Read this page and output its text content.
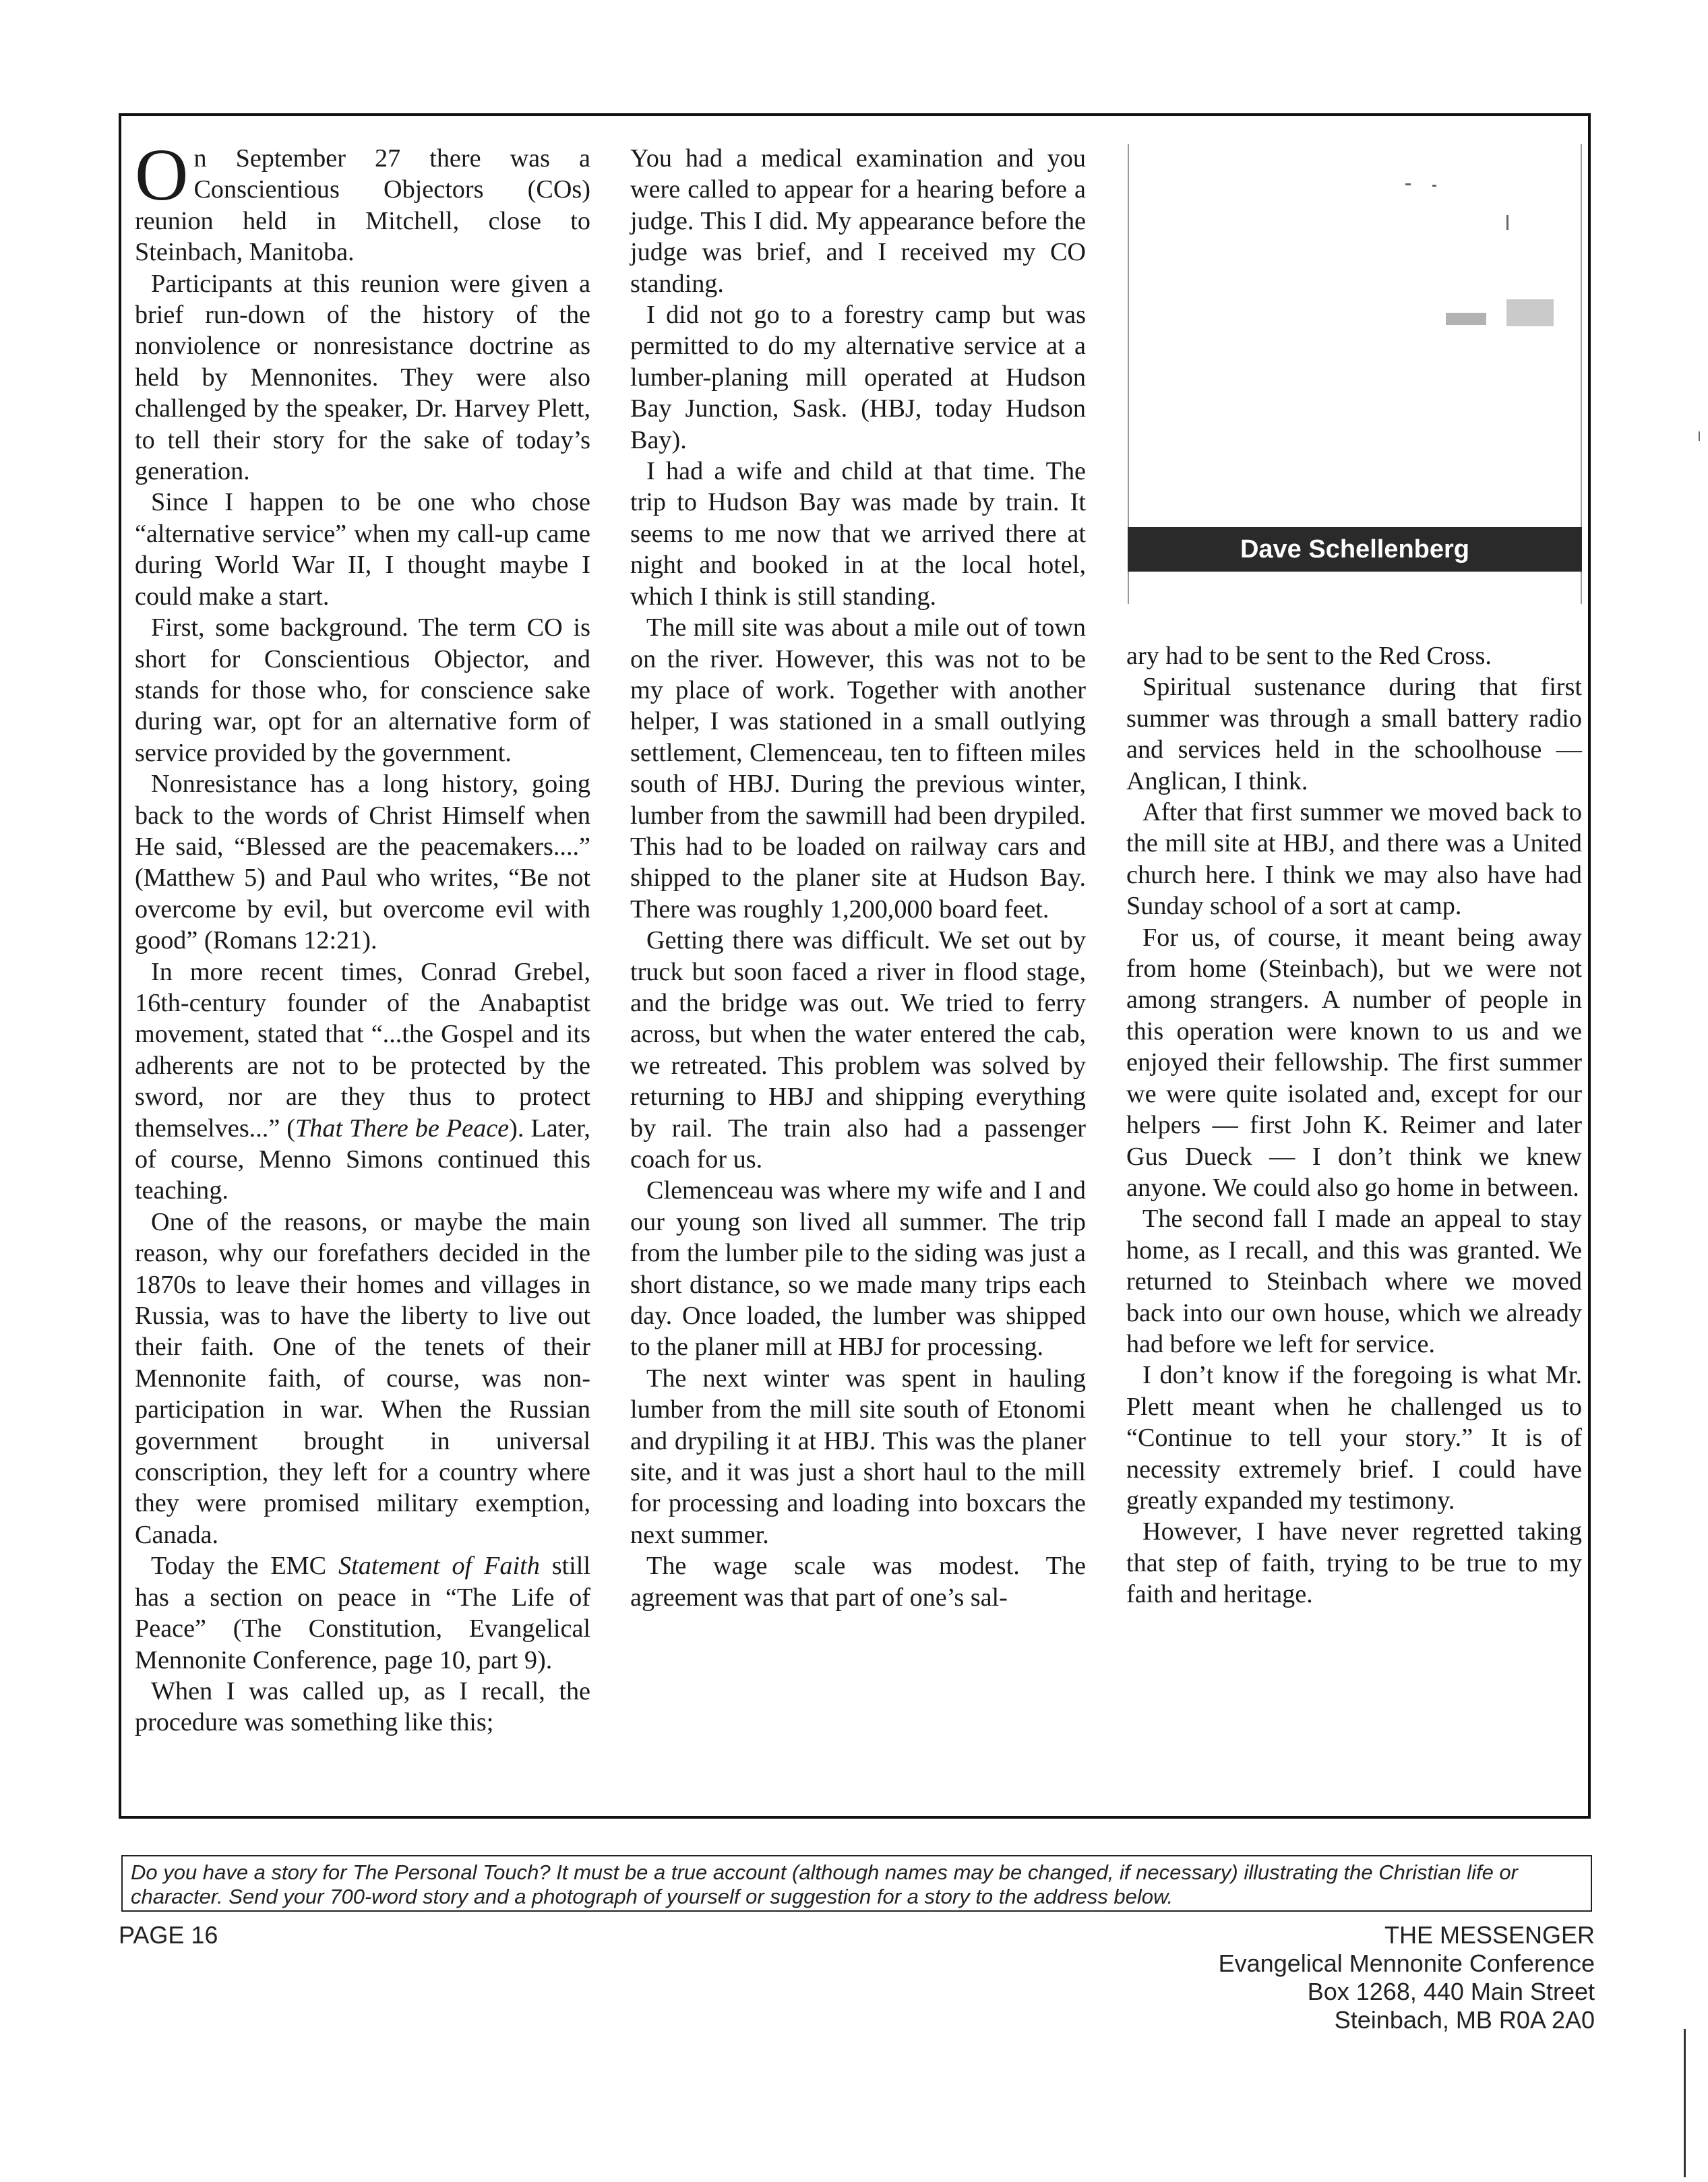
On September 27 there was a Conscientious Objectors (COs) reunion held in Mitchell, close to Steinbach, Manitoba.

Participants at this reunion were given a brief run-down of the history of the nonviolence or nonresistance doctrine as held by Mennonites. They were also challenged by the speaker, Dr. Harvey Plett, to tell their story for the sake of today’s generation.

Since I happen to be one who chose “alternative service” when my call-up came during World War II, I thought maybe I could make a start.

First, some background. The term CO is short for Conscientious Objector, and stands for those who, for conscience sake during war, opt for an alternative form of service provided by the government.

Nonresistance has a long history, going back to the words of Christ Himself when He said, “Blessed are the peacemakers....” (Matthew 5) and Paul who writes, “Be not overcome by evil, but overcome evil with good” (Romans 12:21).

In more recent times, Conrad Grebel, 16th-century founder of the Anabaptist movement, stated that “...the Gospel and its adherents are not to be protected by the sword, nor are they thus to protect themselves...” (That There be Peace). Later, of course, Menno Simons continued this teaching.

One of the reasons, or maybe the main reason, why our forefathers decided in the 1870s to leave their homes and villages in Russia, was to have the liberty to live out their faith. One of the tenets of their Mennonite faith, of course, was non-participation in war. When the Russian government brought in universal conscription, they left for a country where they were promised military exemption, Canada.

Today the EMC Statement of Faith still has a section on peace in “The Life of Peace” (The Constitution, Evangelical Mennonite Conference, page 10, part 9).

When I was called up, as I recall, the procedure was something like this;

You had a medical examination and you were called to appear for a hearing before a judge. This I did. My appearance before the judge was brief, and I received my CO standing.

I did not go to a forestry camp but was permitted to do my alternative service at a lumber-planing mill operated at Hudson Bay Junction, Sask. (HBJ, today Hudson Bay).

I had a wife and child at that time. The trip to Hudson Bay was made by train. It seems to me now that we arrived there at night and booked in at the local hotel, which I think is still standing.

The mill site was about a mile out of town on the river. However, this was not to be my place of work. Together with another helper, I was stationed in a small outlying settlement, Clemenceau, ten to fifteen miles south of HBJ. During the previous winter, lumber from the sawmill had been drypiled. This had to be loaded on railway cars and shipped to the planer site at Hudson Bay. There was roughly 1,200,000 board feet.

Getting there was difficult. We set out by truck but soon faced a river in flood stage, and the bridge was out. We tried to ferry across, but when the water entered the cab, we retreated. This problem was solved by returning to HBJ and shipping everything by rail. The train also had a passenger coach for us.

Clemenceau was where my wife and I and our young son lived all summer. The trip from the lumber pile to the siding was just a short distance, so we made many trips each day. Once loaded, the lumber was shipped to the planer mill at HBJ for processing.

The next winter was spent in hauling lumber from the mill site south of Etonomi and drypiling it at HBJ. This was the planer site, and it was just a short haul to the mill for processing and loading into boxcars the next summer.

The wage scale was modest. The agreement was that part of one’s sal-

Dave Schellenberg

ary had to be sent to the Red Cross.

Spiritual sustenance during that first summer was through a small battery radio and services held in the schoolhouse — Anglican, I think.

After that first summer we moved back to the mill site at HBJ, and there was a United church here. I think we may also have had Sunday school of a sort at camp.

For us, of course, it meant being away from home (Steinbach), but we were not among strangers. A number of people in this operation were known to us and we enjoyed their fellowship. The first summer we were quite isolated and, except for our helpers — first John K. Reimer and later Gus Dueck — I don’t think we knew anyone. We could also go home in between.

The second fall I made an appeal to stay home, as I recall, and this was granted. We returned to Steinbach where we moved back into our own house, which we already had before we left for service.

I don’t know if the foregoing is what Mr. Plett meant when he challenged us to “Continue to tell your story.” It is of necessity extremely brief. I could have greatly expanded my testimony.

However, I have never regretted taking that step of faith, trying to be true to my faith and heritage.

Do you have a story for The Personal Touch? It must be a true account (although names may be changed, if necessary) illustrating the Christian life or character. Send your 700-word story and a photograph of yourself or suggestion for a story to the address below.
PAGE 16	THE MESSENGER
Evangelical Mennonite Conference
Box 1268, 440 Main Street
Steinbach, MB R0A 2A0
